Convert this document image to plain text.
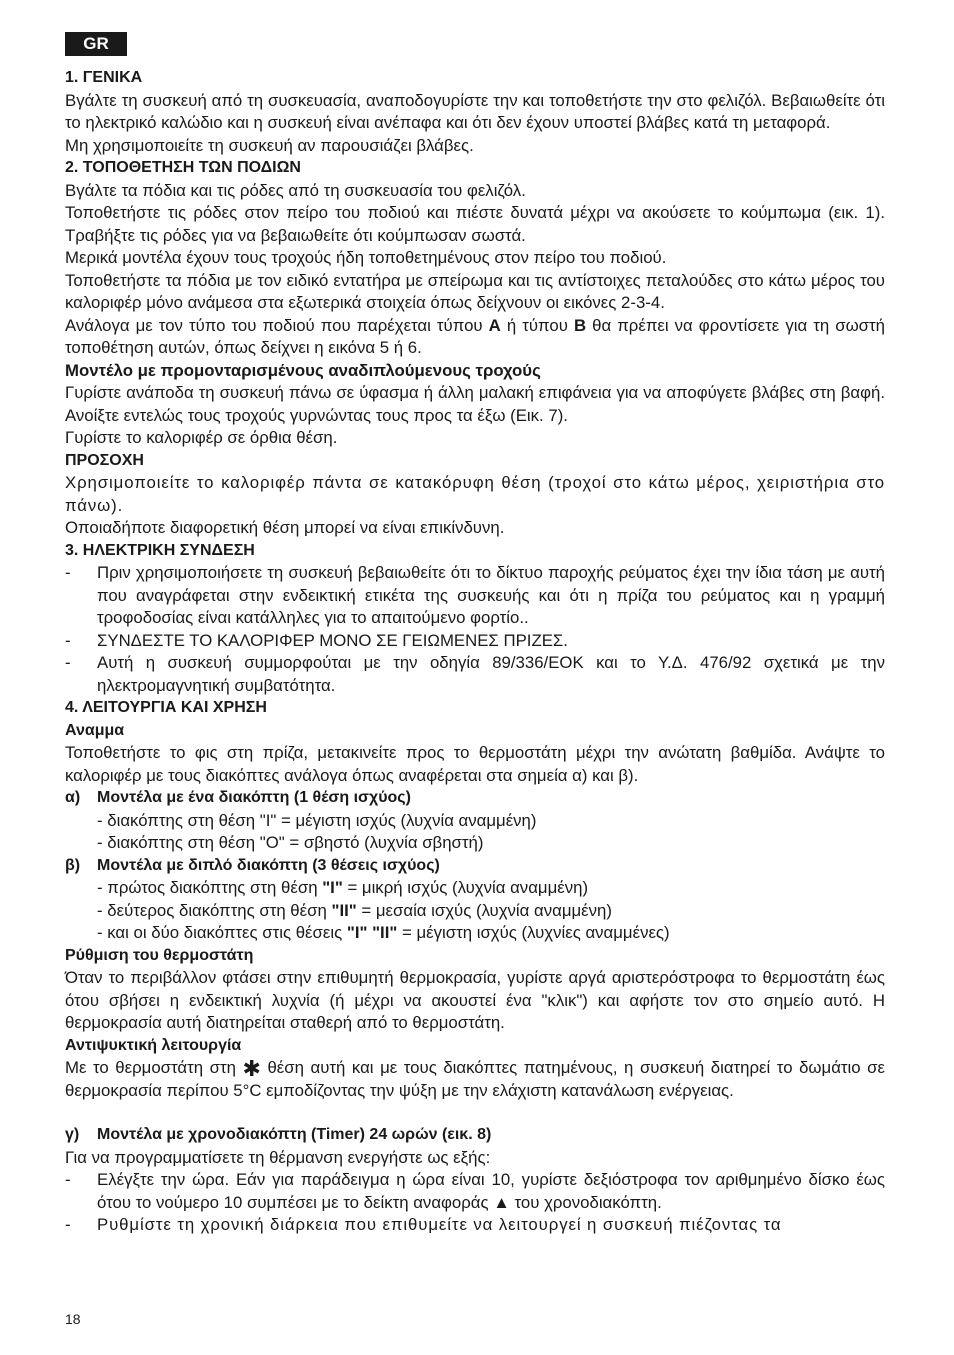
GR

1. ΓΕΝΙΚΑ

Βγάλτε τη συσκευή από τη συσκευασία, αναποδογυρίστε την και τοποθετήστε την στο φελιζόλ. Βεβαιωθείτε ότι το ηλεκτρικό καλώδιο και η συσκευή είναι ανέπαφα και ότι δεν έχουν υποστεί βλάβες κατά τη μεταφορά.

Μη χρησιμοποιείτε τη συσκευή αν παρουσιάζει βλάβες.

2. ΤΟΠΟΘΕΤΗΣΗ ΤΩΝ ΠΟΔΙΩΝ

Βγάλτε τα πόδια και τις ρόδες από τη συσκευασία του φελιζόλ.

Τοποθετήστε τις ρόδες στον πείρο του ποδιού και πιέστε δυνατά μέχρι να ακούσετε το κούμπωμα (εικ. 1). Τραβήξτε τις ρόδες για να βεβαιωθείτε ότι κούμπωσαν σωστά.

Μερικά μοντέλα έχουν τους τροχούς ήδη τοποθετημένους στον πείρο του ποδιού.

Τοποθετήστε τα πόδια με τον ειδικό εντατήρα με σπείρωμα και τις αντίστοιχες πεταλούδες στο κάτω μέρος του καλοριφέρ μόνο ανάμεσα στα εξωτερικά στοιχεία όπως δείχνουν οι εικόνες 2-3-4.

Ανάλογα με τον τύπο του ποδιού που παρέχεται τύπου A ή τύπου B θα πρέπει να φροντίσετε για τη σωστή τοποθέτηση αυτών, όπως δείχνει η εικόνα 5 ή 6.

Μοντέλο με προμονταρισμένους αναδιπλούμενους τροχούς

Γυρίστε ανάποδα τη συσκευή πάνω σε ύφασμα ή άλλη μαλακή επιφάνεια για να αποφύγετε βλάβες στη βαφή. Ανοίξτε εντελώς τους τροχούς γυρνώντας τους προς τα έξω (Εικ. 7).

Γυρίστε το καλοριφέρ σε όρθια θέση.

ΠΡΟΣΟΧΗ

Χρησιμοποιείτε το καλοριφέρ πάντα σε κατακόρυφη θέση (τροχοί στο κάτω μέρος, χειριστήρια στο πάνω).

Οποιαδήποτε διαφορετική θέση μπορεί να είναι επικίνδυνη.

3. ΗΛΕΚΤΡΙΚΗ ΣΥΝΔΕΣΗ

-	Πριν χρησιμοποιήσετε τη συσκευή βεβαιωθείτε ότι το δίκτυο παροχής ρεύματος έχει την ίδια τάση με αυτή που αναγράφεται στην ενδεικτική ετικέτα της συσκευής και ότι η πρίζα του ρεύματος και η γραμμή τροφοδοσίας είναι κατάλληλες για το απαιτούμενο φορτίο..
-	ΣΥΝΔΕΣΤΕ ΤΟ ΚΑΛΟΡΙΦΕΡ ΜΟΝΟ ΣΕ ΓΕΙΩΜΕΝΕΣ ΠΡΙΖΕΣ.
-	Αυτή η συσκευή συμμορφούται με την οδηγία 89/336/ΕΟΚ και το Υ.Δ. 476/92 σχετικά με την ηλεκτρομαγνητική συμβατότητα.

4. ΛΕΙΤΟΥΡΓΙΑ ΚΑΙ ΧΡΗΣΗ

Αναμμα

Τοποθετήστε το φις στη πρίζα, μετακινείτε προς το θερμοστάτη μέχρι την ανώτατη βαθμίδα. Ανάψτε το καλοριφέρ με τους διακόπτες ανάλογα όπως αναφέρεται στα σημεία α) και β).

α)	Μοντέλα με ένα διακόπτη (1 θέση ισχύος)

- διακόπτης στη θέση "I" = μέγιστη ισχύς (λυχνία αναμμένη)

- διακόπτης στη θέση "O" = σβηστό (λυχνία σβηστή)

β)	Μοντέλα με διπλό διακόπτη (3 θέσεις ισχύος)

- πρώτος διακόπτης στη θέση "I" = μικρή ισχύς (λυχνία αναμμένη)

- δεύτερος διακόπτης στη θέση "II" = μεσαία ισχύς (λυχνία αναμμένη)

- και οι δύο διακόπτες στις θέσεις "I" "II" = μέγιστη ισχύς (λυχνίες αναμμένες)

Ρύθμιση του θερμοστάτη

Όταν το περιβάλλον φτάσει στην επιθυμητή θερμοκρασία, γυρίστε αργά αριστερόστροφα το θερμοστάτη έως ότου σβήσει η ενδεικτική λυχνία (ή μέχρι να ακουστεί ένα "κλικ") και αφήστε τον στο σημείο αυτό. Η θερμοκρασία αυτή διατηρείται σταθερή από το θερμοστάτη.

Αντιψυκτική λειτουργία

Με το θερμοστάτη στη ✱ θέση αυτή και με τους διακόπτες πατημένους, η συσκευή διατηρεί το δωμάτιο σε θερμοκρασία περίπου 5°C εμποδίζοντας την ψύξη με την ελάχιστη κατανάλωση ενέργειας.

γ)	Μοντέλα με χρονοδιακόπτη (Timer) 24 ωρών (εικ. 8)

Για να προγραμματίσετε τη θέρμανση ενεργήστε ως εξής:

-	Ελέγξτε την ώρα. Εάν για παράδειγμα η ώρα είναι 10, γυρίστε δεξιόστροφα τον αριθμημένο δίσκο έως ότου το νούμερο 10 συμπέσει με το δείκτη αναφοράς ▲ του χρονοδιακόπτη.
-	Ρυθμίστε τη χρονική διάρκεια που επιθυμείτε να λειτουργεί η συσκευή πιέζοντας τα
18
